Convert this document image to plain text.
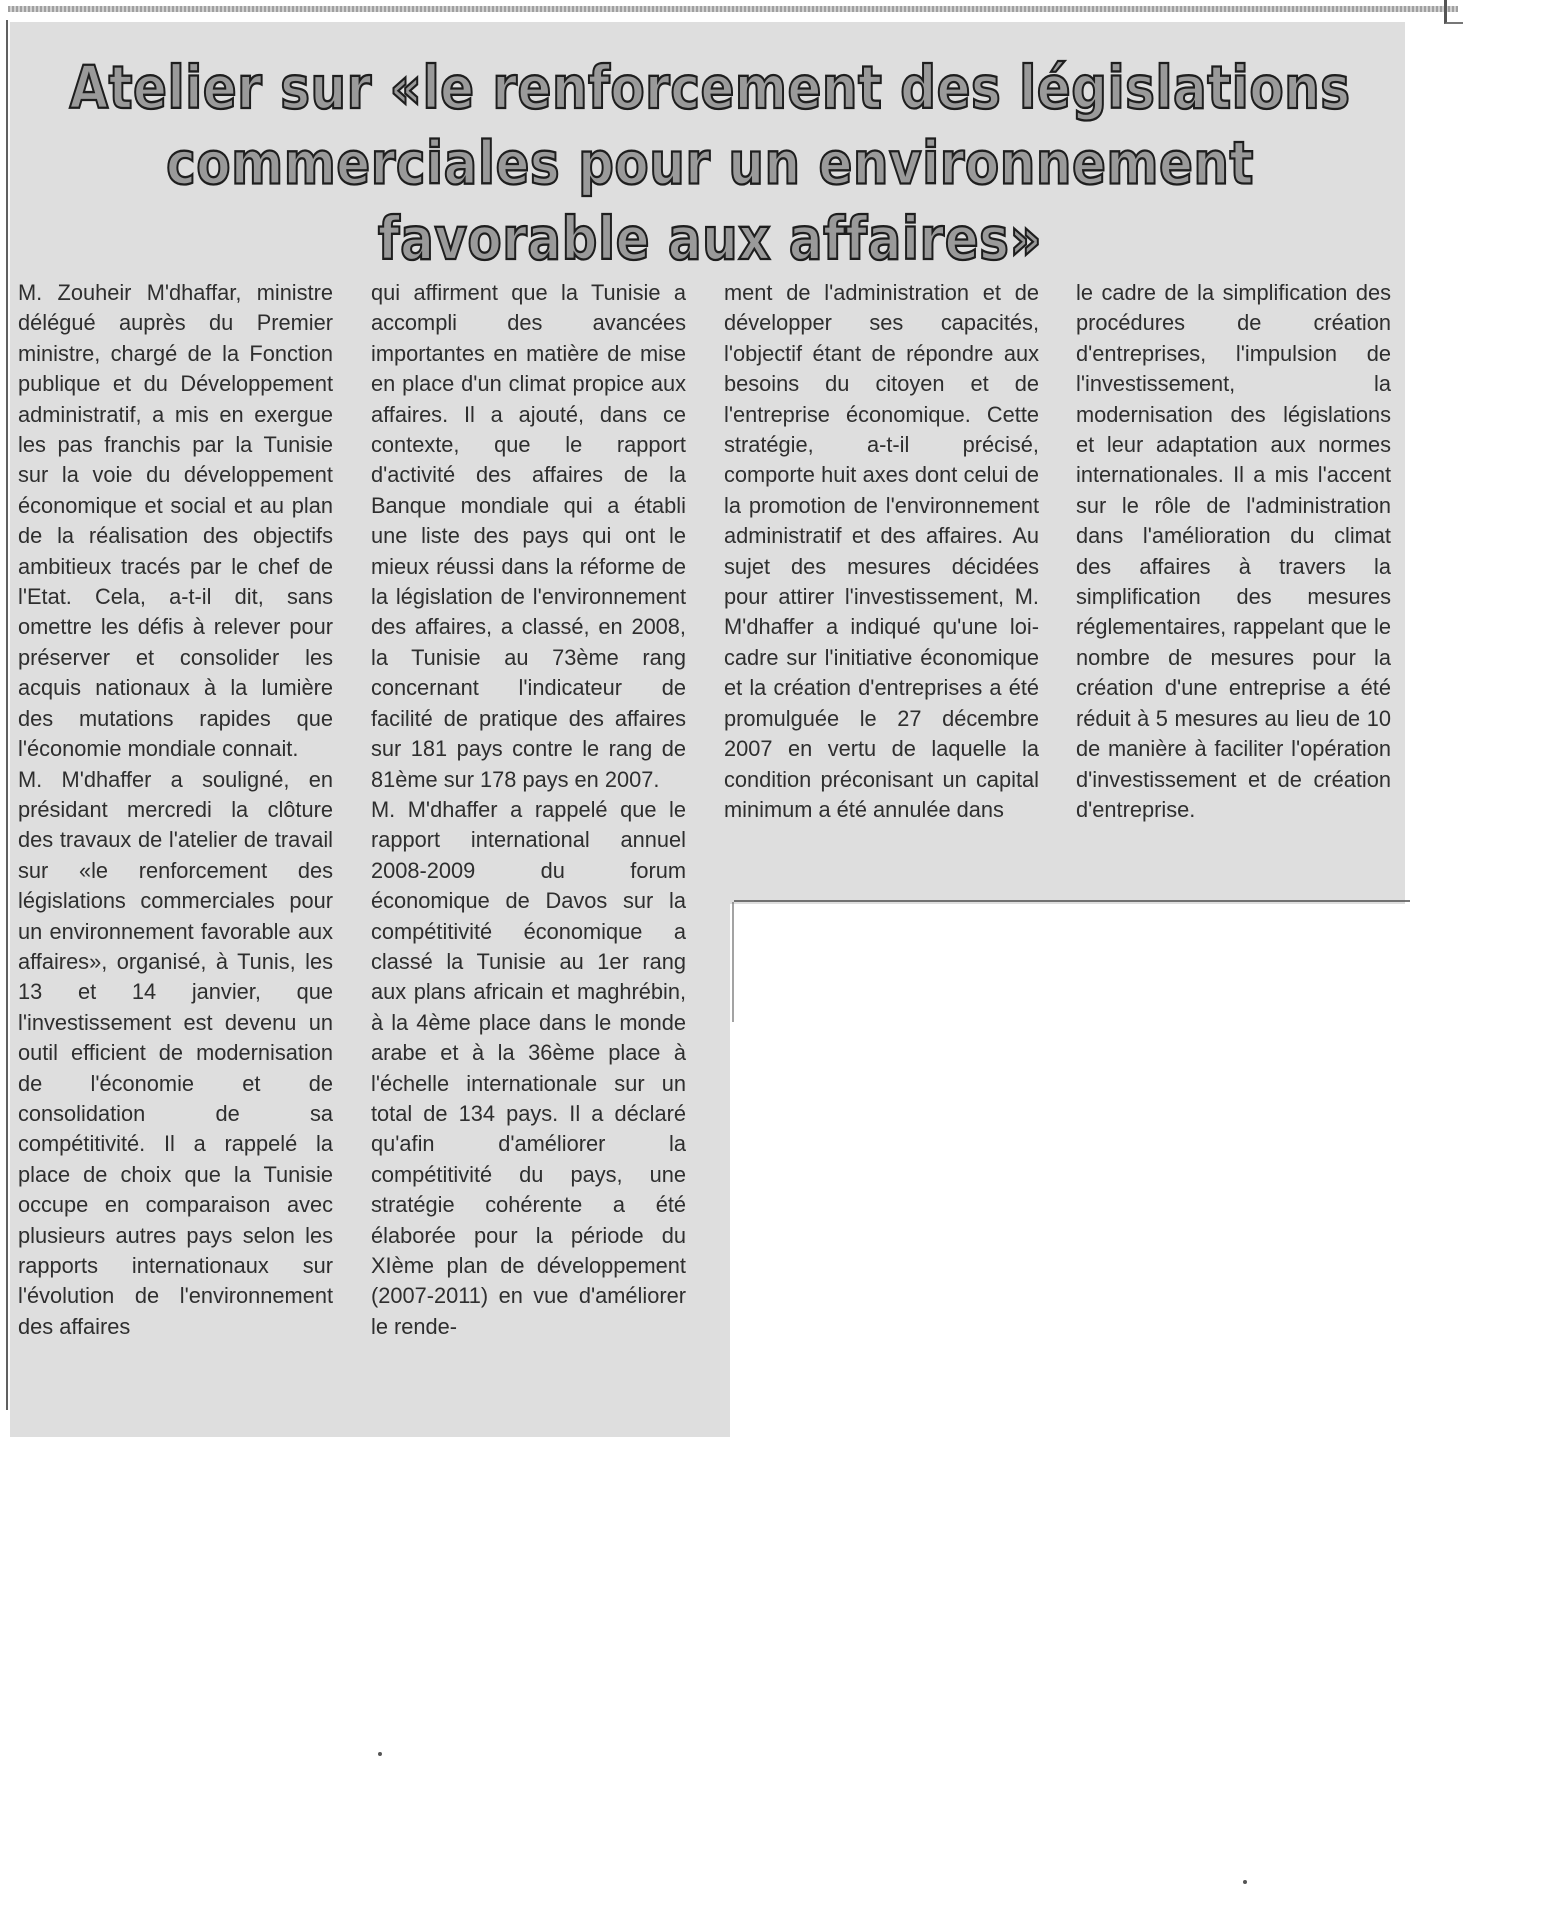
Atelier sur «le renforcement des législations commerciales pour un environnement favorable aux affaires»

M. Zouheir M'dhaffar, ministre délégué auprès du Premier ministre, chargé de la Fonction publique et du Développement administratif, a mis en exergue les pas franchis par la Tunisie sur la voie du développement économique et social et au plan de la réalisation des objectifs ambitieux tracés par le chef de l'Etat. Cela, a-t-il dit, sans omettre les défis à relever pour préserver et consolider les acquis nationaux à la lumière des mutations rapides que l'économie mondiale connait.

M. M'dhaffer a souligné, en présidant mercredi la clôture des travaux de l'atelier de travail sur «le renforcement des législations commerciales pour un environnement favorable aux affaires», organisé, à Tunis, les 13 et 14 janvier, que l'investissement est devenu un outil efficient de modernisation de l'économie et de consolidation de sa compétitivité. Il a rappelé la place de choix que la Tunisie occupe en comparaison avec plusieurs autres pays selon les rapports internationaux sur l'évolution de l'environnement des affaires

qui affirment que la Tunisie a accompli des avancées importantes en matière de mise en place d'un climat propice aux affaires. Il a ajouté, dans ce contexte, que le rapport d'activité des affaires de la Banque mondiale qui a établi une liste des pays qui ont le mieux réussi dans la réforme de la législation de l'environnement des affaires, a classé, en 2008, la Tunisie au 73ème rang concernant l'indicateur de facilité de pratique des affaires sur 181 pays contre le rang de 81ème sur 178 pays en 2007.

M. M'dhaffer a rappelé que le rapport international annuel 2008-2009 du forum économique de Davos sur la compétitivité économique a classé la Tunisie au 1er rang aux plans africain et maghrébin, à la 4ème place dans le monde arabe et à la 36ème place à l'échelle internationale sur un total de 134 pays. Il a déclaré qu'afin d'améliorer la compétitivité du pays, une stratégie cohérente a été élaborée pour la période du XIème plan de développement (2007-2011) en vue d'améliorer le rende-

ment de l'administration et de développer ses capacités, l'objectif étant de répondre aux besoins du citoyen et de l'entreprise économique. Cette stratégie, a-t-il précisé, comporte huit axes dont celui de la promotion de l'environnement administratif et des affaires. Au sujet des mesures décidées pour attirer l'investissement, M. M'dhaffer a indiqué qu'une loi-cadre sur l'initiative économique et la création d'entreprises a été promulguée le 27 décembre 2007 en vertu de laquelle la condition préconisant un capital minimum a été annulée dans

le cadre de la simplification des procédures de création d'entreprises, l'impulsion de l'investissement, la modernisation des législations et leur adaptation aux normes internationales. Il a mis l'accent sur le rôle de l'administration dans l'amélioration du climat des affaires à travers la simplification des mesures réglementaires, rappelant que le nombre de mesures pour la création d'une entreprise a été réduit à 5 mesures au lieu de 10 de manière à faciliter l'opération d'investissement et de création d'entreprise.
